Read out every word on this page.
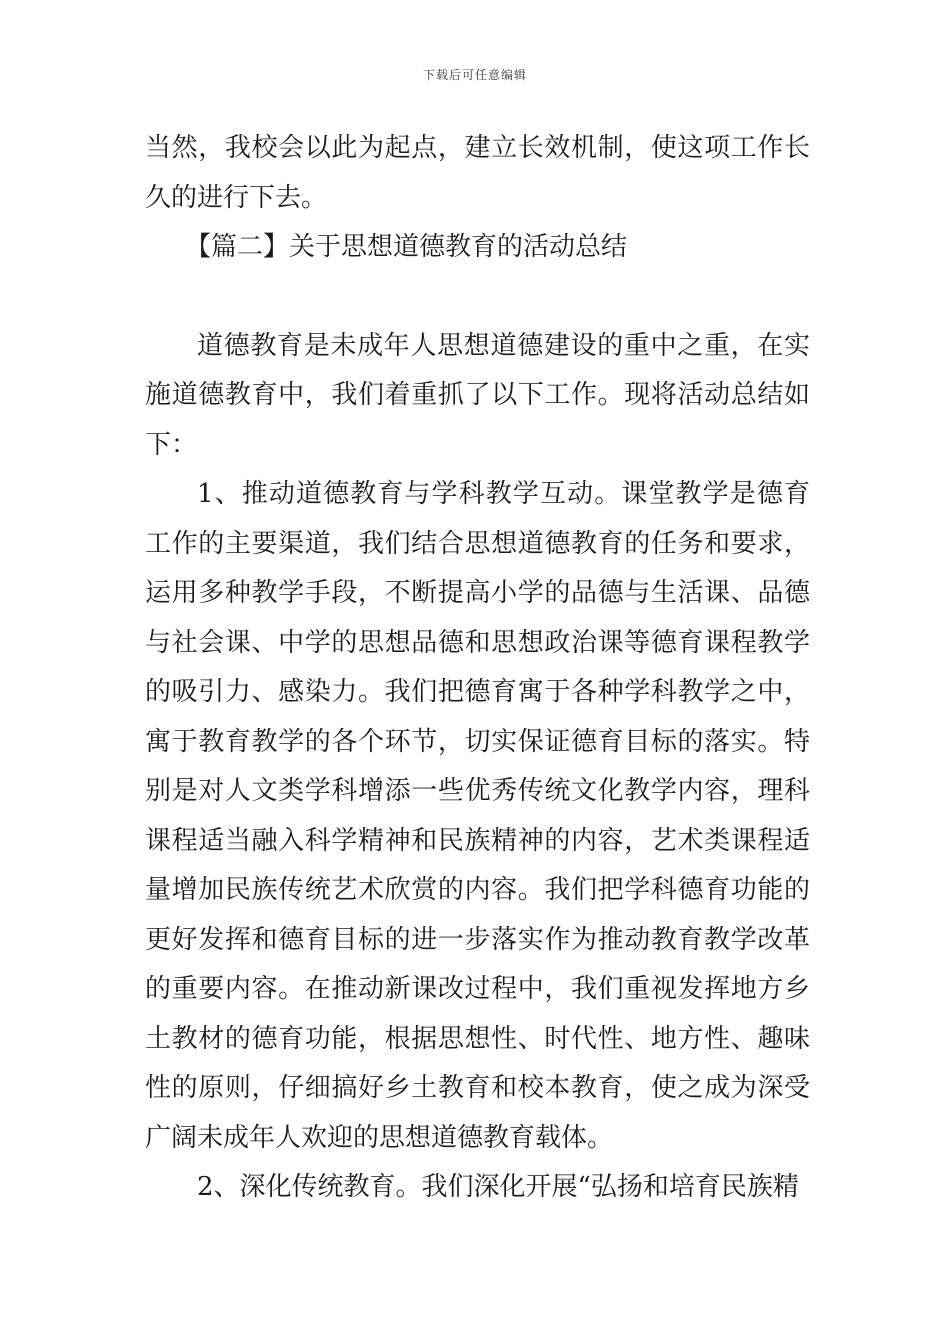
下载后可任意编辑

当然，我校会以此为起点，建立长效机制，使这项工作长久的进行下去。

【篇二】关于思想道德教育的活动总结

道德教育是未成年人思想道德建设的重中之重，在实施道德教育中，我们着重抓了以下工作。现将活动总结如下：

1、推动道德教育与学科教学互动。课堂教学是德育工作的主要渠道，我们结合思想道德教育的任务和要求，运用多种教学手段，不断提高小学的品德与生活课、品德与社会课、中学的思想品德和思想政治课等德育课程教学的吸引力、感染力。我们把德育寓于各种学科教学之中，寓于教育教学的各个环节，切实保证德育目标的落实。特别是对人文类学科增添一些优秀传统文化教学内容，理科课程适当融入科学精神和民族精神的内容，艺术类课程适量增加民族传统艺术欣赏的内容。我们把学科德育功能的更好发挥和德育目标的进一步落实作为推动教育教学改革的重要内容。在推动新课改过程中，我们重视发挥地方乡土教材的德育功能，根据思想性、时代性、地方性、趣味性的原则，仔细搞好乡土教育和校本教育，使之成为深受广阔未成年人欢迎的思想道德教育载体。

2、深化传统教育。我们深化开展“弘扬和培育民族精
